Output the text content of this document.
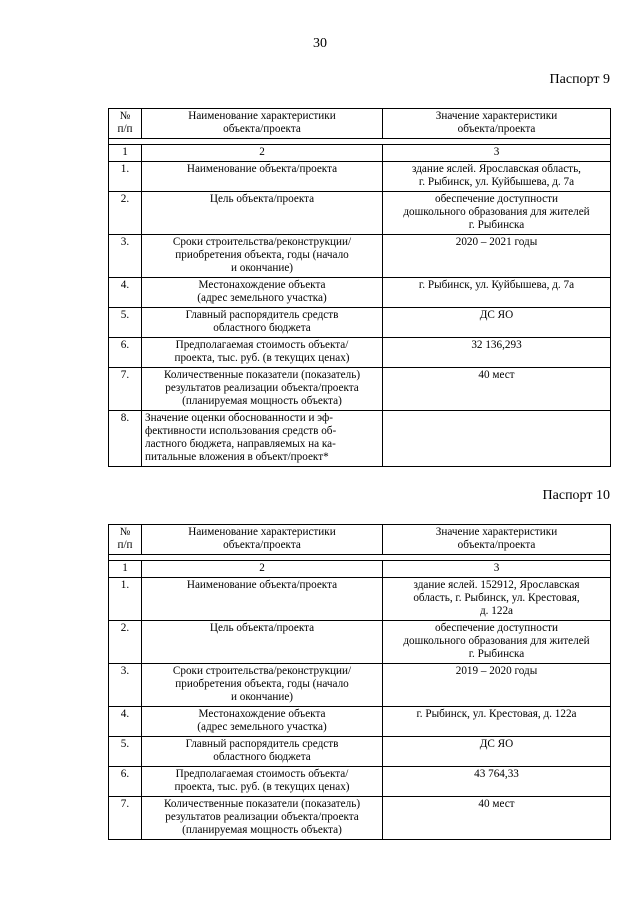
30
Паспорт 9
№
п/п	Наименование характеристики
объекта/проекта	Значение характеристики
объекта/проекта

1	2	3
1.	Наименование объекта/проекта	здание яслей. Ярославская область,
г. Рыбинск, ул. Куйбышева, д. 7а
2.	Цель объекта/проекта	обеспечение доступности
дошкольного образования для жителей
г. Рыбинска
3.	Сроки строительства/реконструкции/
приобретения объекта, годы (начало
и окончание)	2020 – 2021 годы
4.	Местонахождение объекта
(адрес земельного участка)	г. Рыбинск, ул. Куйбышева, д. 7а
5.	Главный распорядитель средств
областного бюджета	ДС ЯО
6.	Предполагаемая стоимость объекта/
проекта, тыс. руб. (в текущих ценах)	32 136,293
7.	Количественные показатели (показатель)
результатов реализации объекта/проекта
(планируемая мощность объекта)	40 мест
8.	Значение оценки обоснованности и эф-
фективности использования средств об-
ластного бюджета, направляемых на ка-
питальные вложения в объект/проект*	
Паспорт 10
№
п/п	Наименование характеристики
объекта/проекта	Значение характеристики
объекта/проекта

1	2	3
1.	Наименование объекта/проекта	здание яслей. 152912, Ярославская
область, г. Рыбинск, ул. Крестовая,
д. 122а
2.	Цель объекта/проекта	обеспечение доступности
дошкольного образования для жителей
г. Рыбинска
3.	Сроки строительства/реконструкции/
приобретения объекта, годы (начало
и окончание)	2019 – 2020 годы
4.	Местонахождение объекта
(адрес земельного участка)	г. Рыбинск, ул. Крестовая, д. 122а
5.	Главный распорядитель средств
областного бюджета	ДС ЯО
6.	Предполагаемая стоимость объекта/
проекта, тыс. руб. (в текущих ценах)	43 764,33
7.	Количественные показатели (показатель)
результатов реализации объекта/проекта
(планируемая мощность объекта)	40 мест
